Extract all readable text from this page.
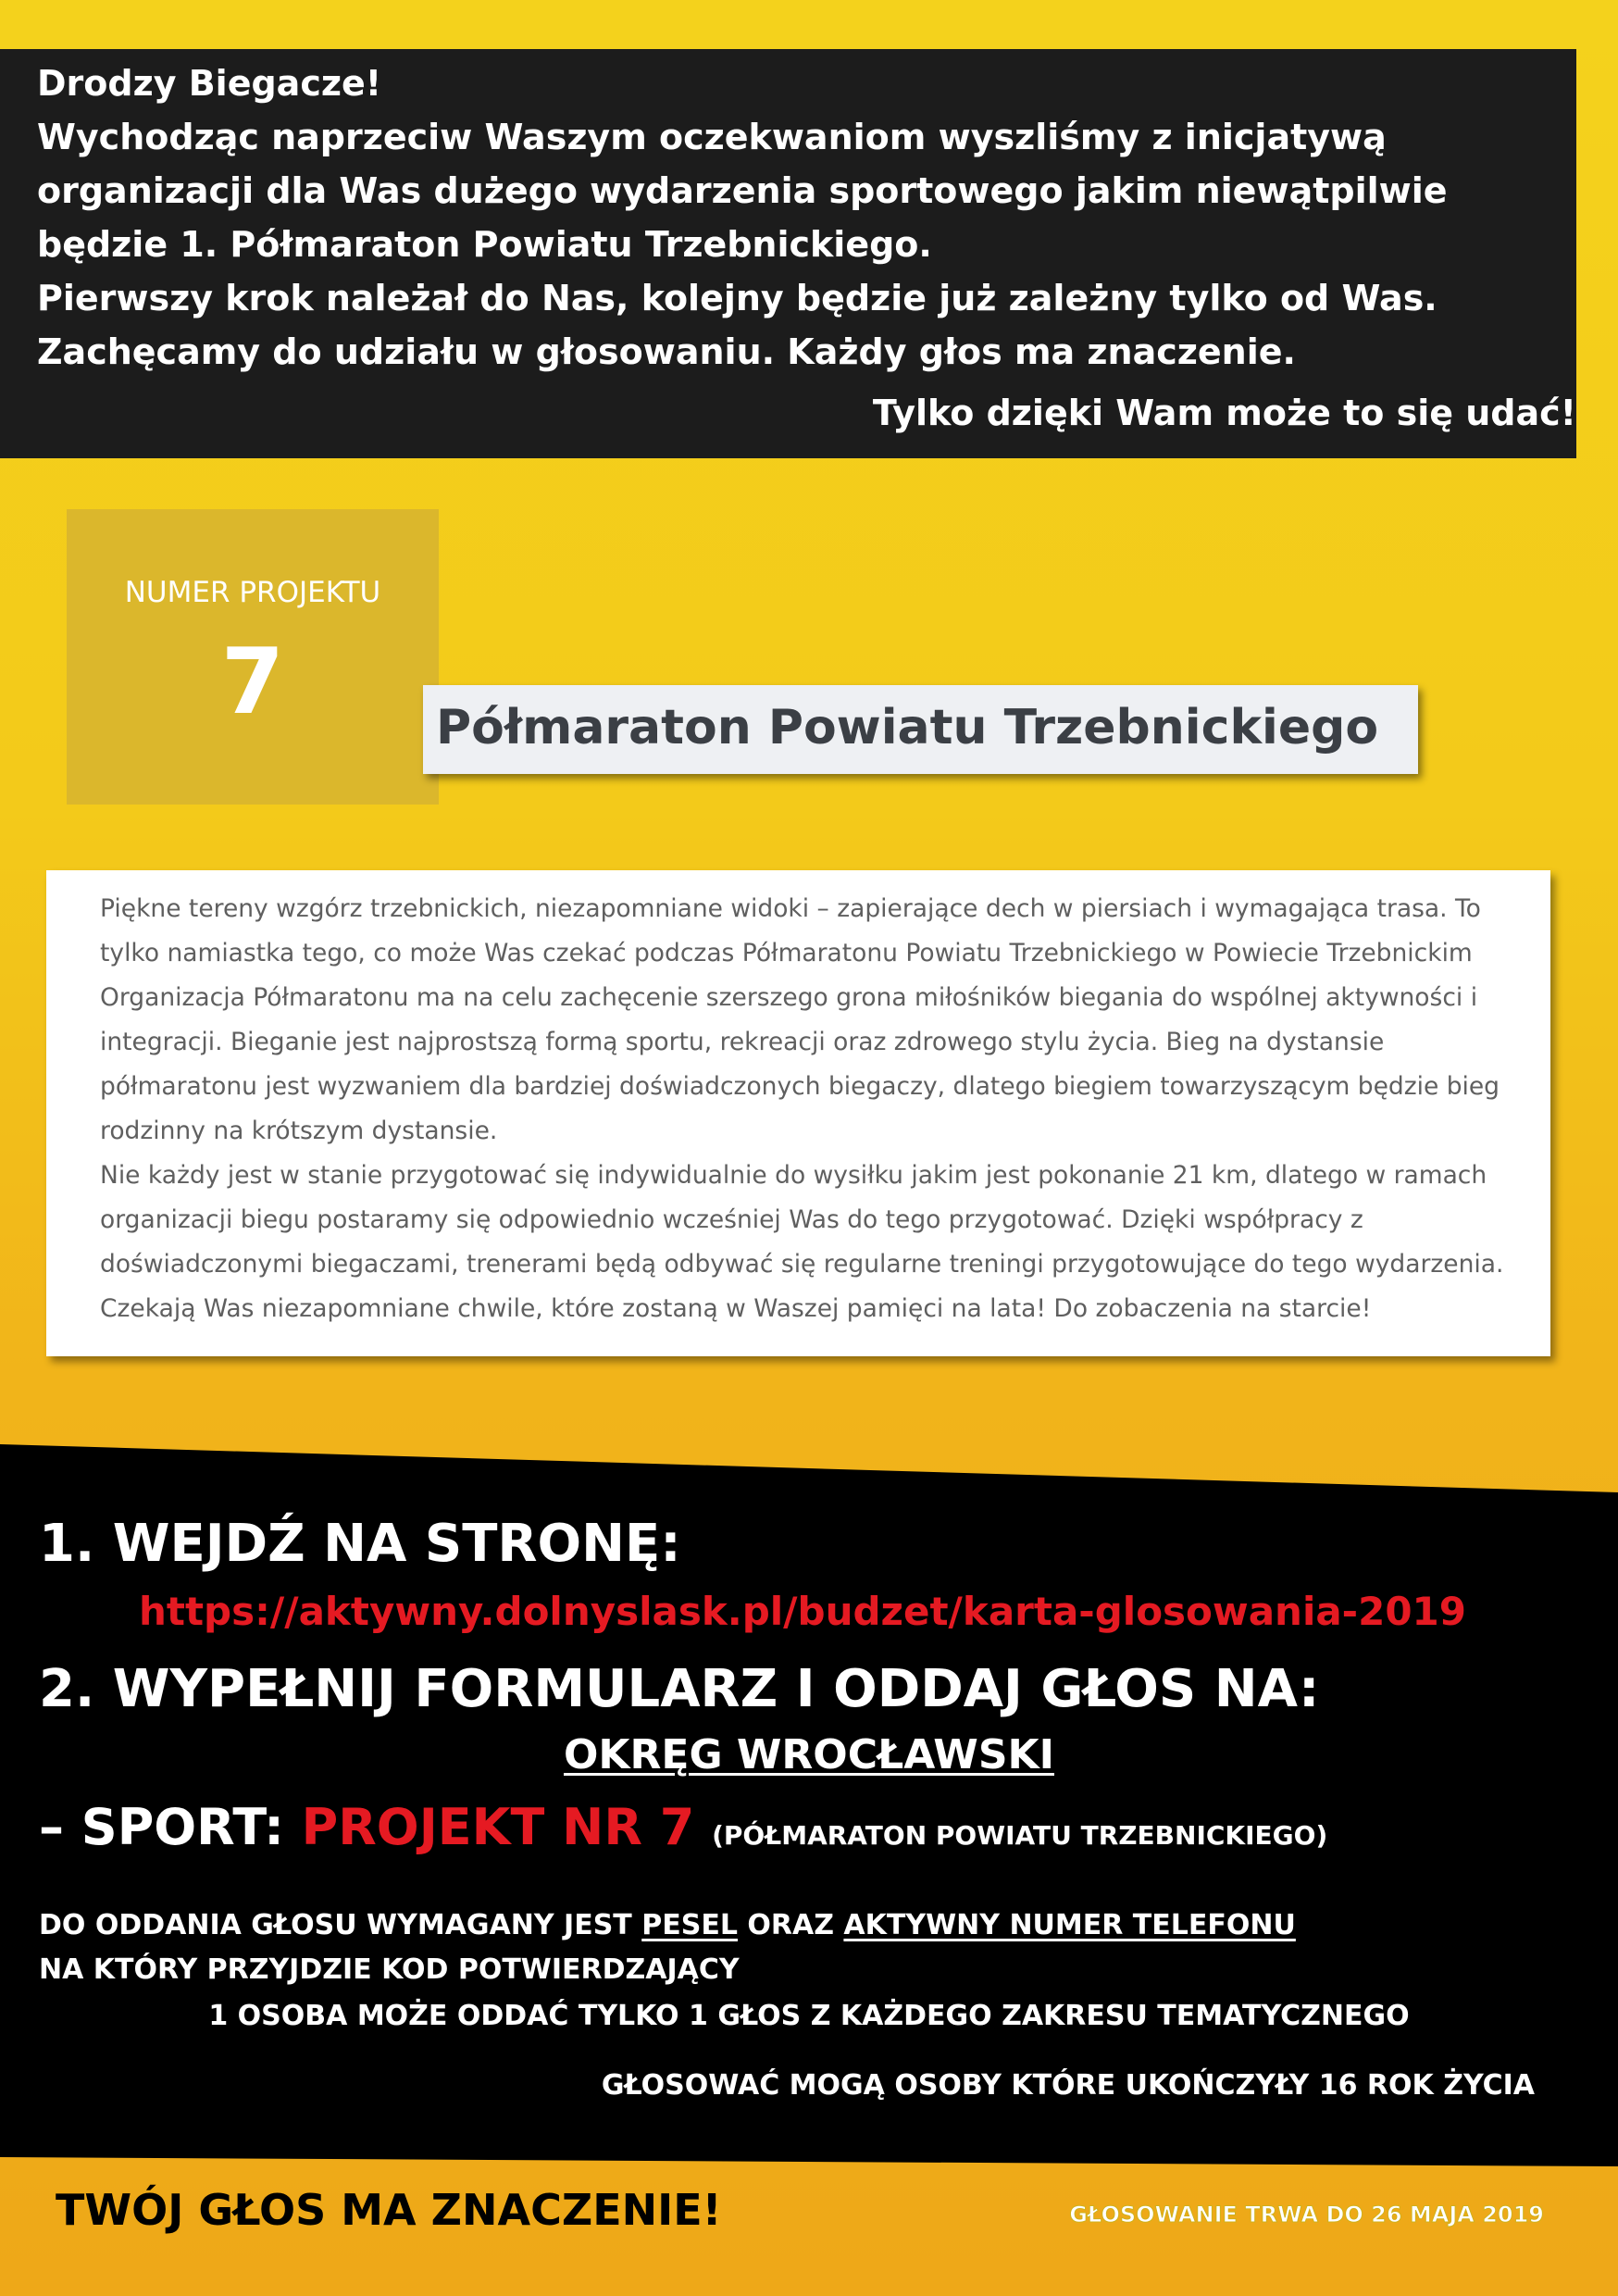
Drodzy Biegacze!
Wychodząc naprzeciw Waszym oczekwaniom wyszliśmy z inicjatywą
organizacji dla Was dużego wydarzenia sportowego jakim niewątpilwie
będzie 1. Półmaraton Powiatu Trzebnickiego.
Pierwszy krok należał do Nas, kolejny będzie już zależny tylko od Was.
Zachęcamy do udziału w głosowaniu. Każdy głos ma znaczenie.
Tylko dzięki Wam może to się udać!
NUMER PROJEKTU
7	Półmaraton Powiatu Trzebnickiego
Piękne tereny wzgórz trzebnickich, niezapomniane widoki – zapierające dech w piersiach i wymagająca trasa. To
tylko namiastka tego, co może Was czekać podczas Półmaratonu Powiatu Trzebnickiego w Powiecie Trzebnickim
Organizacja Półmaratonu ma na celu zachęcenie szerszego grona miłośników biegania do wspólnej aktywności i
integracji. Bieganie jest najprostszą formą sportu, rekreacji oraz zdrowego stylu życia. Bieg na dystansie
półmaratonu jest wyzwaniem dla bardziej doświadczonych biegaczy, dlatego biegiem towarzyszącym będzie bieg
rodzinny na krótszym dystansie.
Nie każdy jest w stanie przygotować się indywidualnie do wysiłku jakim jest pokonanie 21 km, dlatego w ramach
organizacji biegu postaramy się odpowiednio wcześniej Was do tego przygotować. Dzięki współpracy z
doświadczonymi biegaczami, trenerami będą odbywać się regularne treningi przygotowujące do tego wydarzenia.
Czekają Was niezapomniane chwile, które zostaną w Waszej pamięci na lata! Do zobaczenia na starcie!
1. WEJDŹ NA STRONĘ:
https://aktywny.dolnyslask.pl/budzet/karta-glosowania-2019
2. WYPEŁNIJ FORMULARZ I ODDAJ GŁOS NA:
OKRĘG WROCŁAWSKI
– SPORT: PROJEKT NR 7 (PÓŁMARATON POWIATU TRZEBNICKIEGO)
DO ODDANIA GŁOSU WYMAGANY JEST PESEL ORAZ AKTYWNY NUMER TELEFONU
NA KTÓRY PRZYJDZIE KOD POTWIERDZAJĄCY
1 OSOBA MOŻE ODDAĆ TYLKO 1 GŁOS Z KAŻDEGO ZAKRESU TEMATYCZNEGO
GŁOSOWAĆ MOGĄ OSOBY KTÓRE UKOŃCZYŁY 16 ROK ŻYCIA
TWÓJ GŁOS MA ZNACZENIE!	GŁOSOWANIE TRWA DO 26 MAJA 2019
